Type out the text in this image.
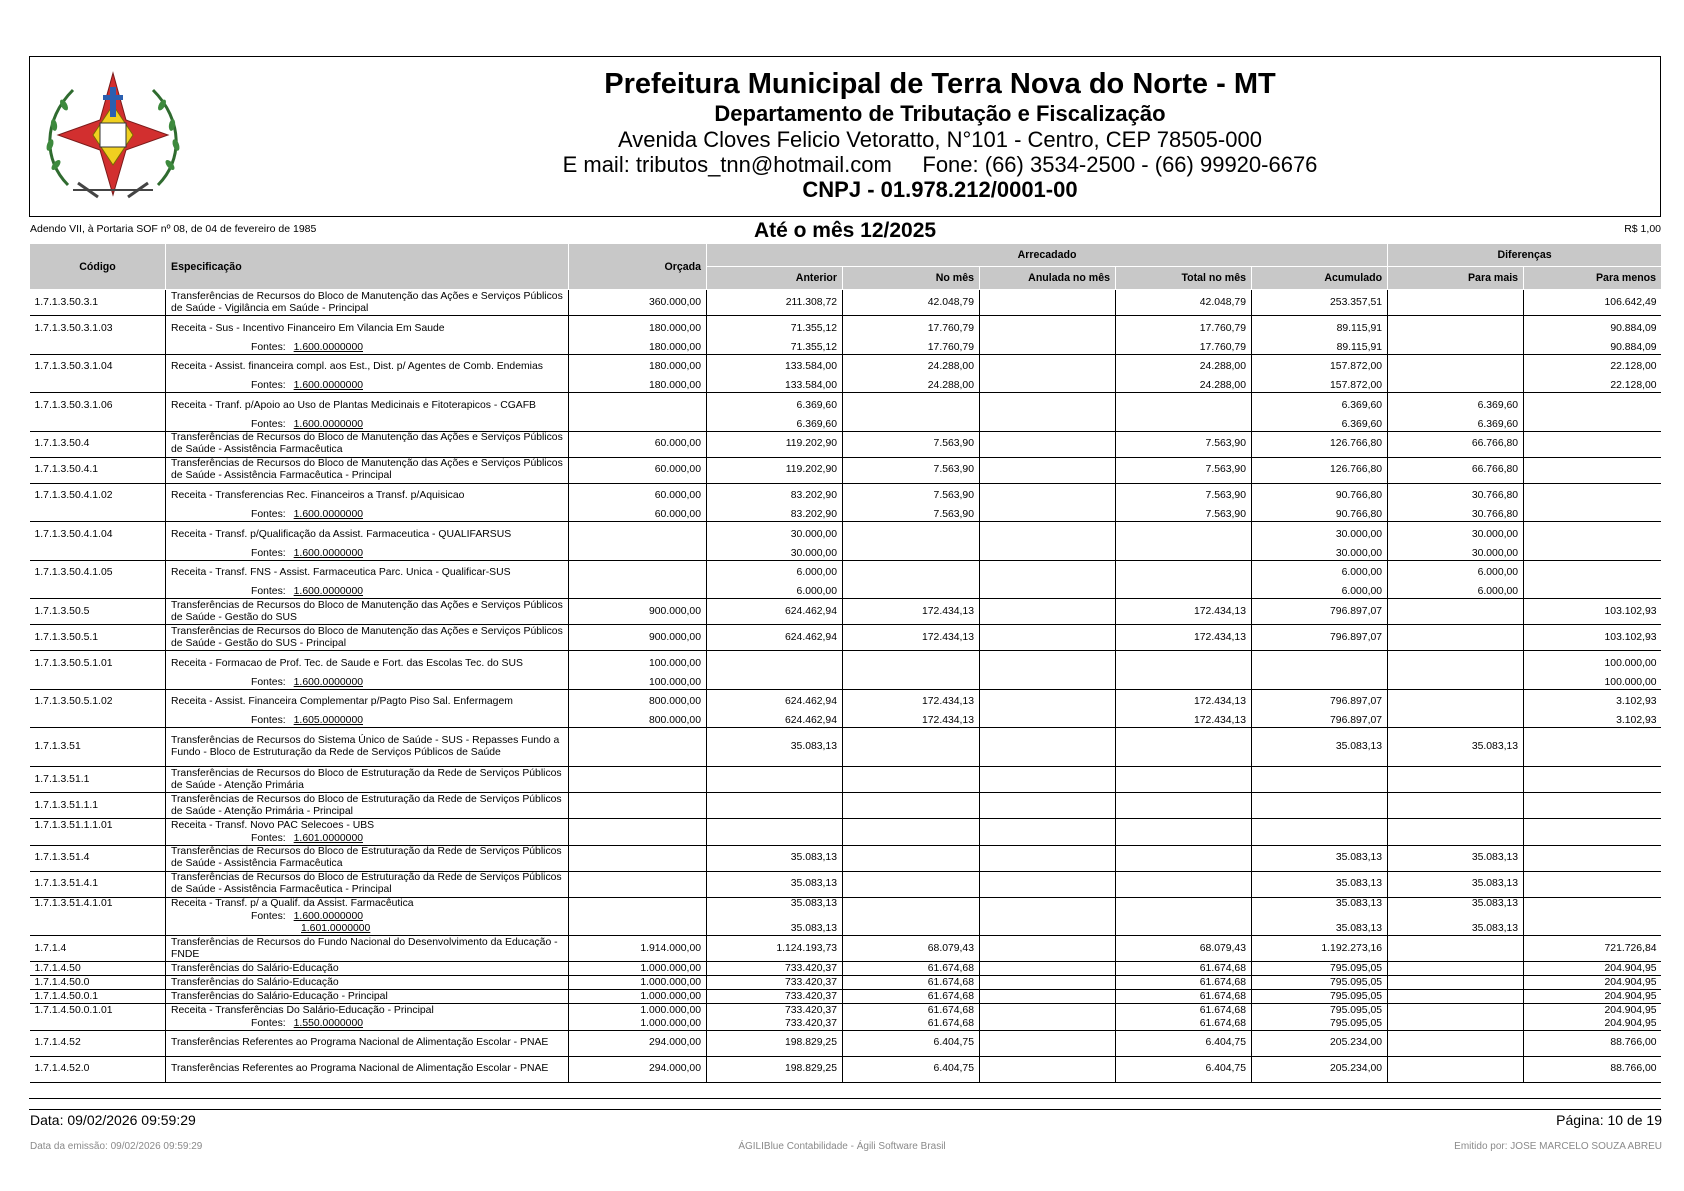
Prefeitura Municipal de Terra Nova do Norte - MT
Departamento de Tributação e Fiscalização
Avenida Cloves Felicio Vetoratto, N°101 - Centro, CEP 78505-000
E mail: tributos_tnn@hotmail.com     Fone: (66) 3534-2500 - (66) 99920-6676
CNPJ - 01.978.212/0001-00
Adendo VII, à Portaria SOF nº 08, de 04 de fevereiro de 1985	Até o mês 12/2025	R$ 1,00
Código	Especificação	Orçada	Arrecadado					Diferenças	
			Anterior	No mês	Anulada no mês	Total no mês	Acumulado	Para mais	Para menos
1.7.1.3.50.3.1	Transferências de Recursos do Bloco de Manutenção das Ações e Serviços Públicos de Saúde - Vigilância em Saúde - Principal	360.000,00	211.308,72	42.048,79		42.048,79	253.357,51		106.642,49
1.7.1.3.50.3.1.03	Receita - Sus - Incentivo Financeiro Em Vilancia Em Saude	180.000,00	71.355,12	17.760,79		17.760,79	89.115,91		90.884,09

	Fontes: 1.600.0000000	180.000,00	71.355,12	17.760,79		17.760,79	89.115,91		90.884,09
1.7.1.3.50.3.1.04	Receita - Assist. financeira compl. aos Est., Dist. p/ Agentes de Comb. Endemias	180.000,00	133.584,00	24.288,00		24.288,00	157.872,00		22.128,00

	Fontes: 1.600.0000000	180.000,00	133.584,00	24.288,00		24.288,00	157.872,00		22.128,00
1.7.1.3.50.3.1.06	Receita - Tranf. p/Apoio ao Uso de Plantas Medicinais e Fitoterapicos - CGAFB		6.369,60				6.369,60	6.369,60	

	Fontes: 1.600.0000000		6.369,60				6.369,60	6.369,60	
1.7.1.3.50.4	Transferências de Recursos do Bloco de Manutenção das Ações e Serviços Públicos de Saúde - Assistência Farmacêutica	60.000,00	119.202,90	7.563,90		7.563,90	126.766,80	66.766,80	
1.7.1.3.50.4.1	Transferências de Recursos do Bloco de Manutenção das Ações e Serviços Públicos de Saúde - Assistência Farmacêutica - Principal	60.000,00	119.202,90	7.563,90		7.563,90	126.766,80	66.766,80	
1.7.1.3.50.4.1.02	Receita - Transferencias Rec. Financeiros a Transf. p/Aquisicao	60.000,00	83.202,90	7.563,90		7.563,90	90.766,80	30.766,80	

	Fontes: 1.600.0000000	60.000,00	83.202,90	7.563,90		7.563,90	90.766,80	30.766,80	
1.7.1.3.50.4.1.04	Receita - Transf. p/Qualificação da Assist. Farmaceutica - QUALIFARSUS		30.000,00				30.000,00	30.000,00	

	Fontes: 1.600.0000000		30.000,00				30.000,00	30.000,00	
1.7.1.3.50.4.1.05	Receita - Transf. FNS - Assist. Farmaceutica Parc. Unica - Qualificar-SUS		6.000,00				6.000,00	6.000,00	

	Fontes: 1.600.0000000		6.000,00				6.000,00	6.000,00	
1.7.1.3.50.5	Transferências de Recursos do Bloco de Manutenção das Ações e Serviços Públicos de Saúde - Gestão do SUS	900.000,00	624.462,94	172.434,13		172.434,13	796.897,07		103.102,93
1.7.1.3.50.5.1	Transferências de Recursos do Bloco de Manutenção das Ações e Serviços Públicos de Saúde - Gestão do SUS - Principal	900.000,00	624.462,94	172.434,13		172.434,13	796.897,07		103.102,93
1.7.1.3.50.5.1.01	Receita - Formacao de Prof. Tec. de Saude e Fort. das Escolas Tec. do SUS	100.000,00							100.000,00

	Fontes: 1.600.0000000	100.000,00							100.000,00
1.7.1.3.50.5.1.02	Receita - Assist. Financeira Complementar p/Pagto Piso Sal. Enfermagem	800.000,00	624.462,94	172.434,13		172.434,13	796.897,07		3.102,93

	Fontes: 1.605.0000000	800.000,00	624.462,94	172.434,13		172.434,13	796.897,07		3.102,93
1.7.1.3.51	Transferências de Recursos do Sistema Único de Saúde - SUS - Repasses Fundo a Fundo - Bloco de Estruturação da Rede de Serviços Públicos de Saúde		35.083,13				35.083,13	35.083,13	
1.7.1.3.51.1	Transferências de Recursos do Bloco de Estruturação da Rede de Serviços Públicos de Saúde - Atenção Primária								
1.7.1.3.51.1.1	Transferências de Recursos do Bloco de Estruturação da Rede de Serviços Públicos de Saúde - Atenção Primária - Principal								
1.7.1.3.51.1.1.01	Receita - Transf. Novo PAC Selecoes - UBS								

	Fontes: 1.601.0000000								

1.7.1.3.51.4	Transferências de Recursos do Bloco de Estruturação da Rede de Serviços Públicos de Saúde - Assistência Farmacêutica		35.083,13				35.083,13	35.083,13	
1.7.1.3.51.4.1	Transferências de Recursos do Bloco de Estruturação da Rede de Serviços Públicos de Saúde - Assistência Farmacêutica - Principal		35.083,13				35.083,13	35.083,13	
1.7.1.3.51.4.1.01	Receita - Transf. p/ a Qualif. da Assist. Farmacêutica		35.083,13				35.083,13	35.083,13	

	Fontes: 1.600.0000000								

	1.601.0000000		35.083,13				35.083,13	35.083,13	
1.7.1.4	Transferências de Recursos do Fundo Nacional do Desenvolvimento da Educação - FNDE	1.914.000,00	1.124.193,73	68.079,43		68.079,43	1.192.273,16		721.726,84
1.7.1.4.50	Transferências do Salário-Educação	1.000.000,00	733.420,37	61.674,68		61.674,68	795.095,05		204.904,95
1.7.1.4.50.0	Transferências do Salário-Educação	1.000.000,00	733.420,37	61.674,68		61.674,68	795.095,05		204.904,95
1.7.1.4.50.0.1	Transferências do Salário-Educação - Principal	1.000.000,00	733.420,37	61.674,68		61.674,68	795.095,05		204.904,95
1.7.1.4.50.0.1.01	Receita - Transferências Do Salário-Educação - Principal	1.000.000,00	733.420,37	61.674,68		61.674,68	795.095,05		204.904,95

	Fontes: 1.550.0000000	1.000.000,00	733.420,37	61.674,68		61.674,68	795.095,05		204.904,95
1.7.1.4.52	Transferências Referentes ao Programa Nacional de Alimentação Escolar - PNAE	294.000,00	198.829,25	6.404,75		6.404,75	205.234,00		88.766,00
1.7.1.4.52.0	Transferências Referentes ao Programa Nacional de Alimentação Escolar - PNAE	294.000,00	198.829,25	6.404,75		6.404,75	205.234,00		88.766,00
Data: 09/02/2026 09:59:29	Página: 10 de 19
Data da emissão: 09/02/2026 09:59:29	ÁGILIBlue Contabilidade - Ágili Software Brasil	Emitido por: JOSE MARCELO SOUZA ABREU
